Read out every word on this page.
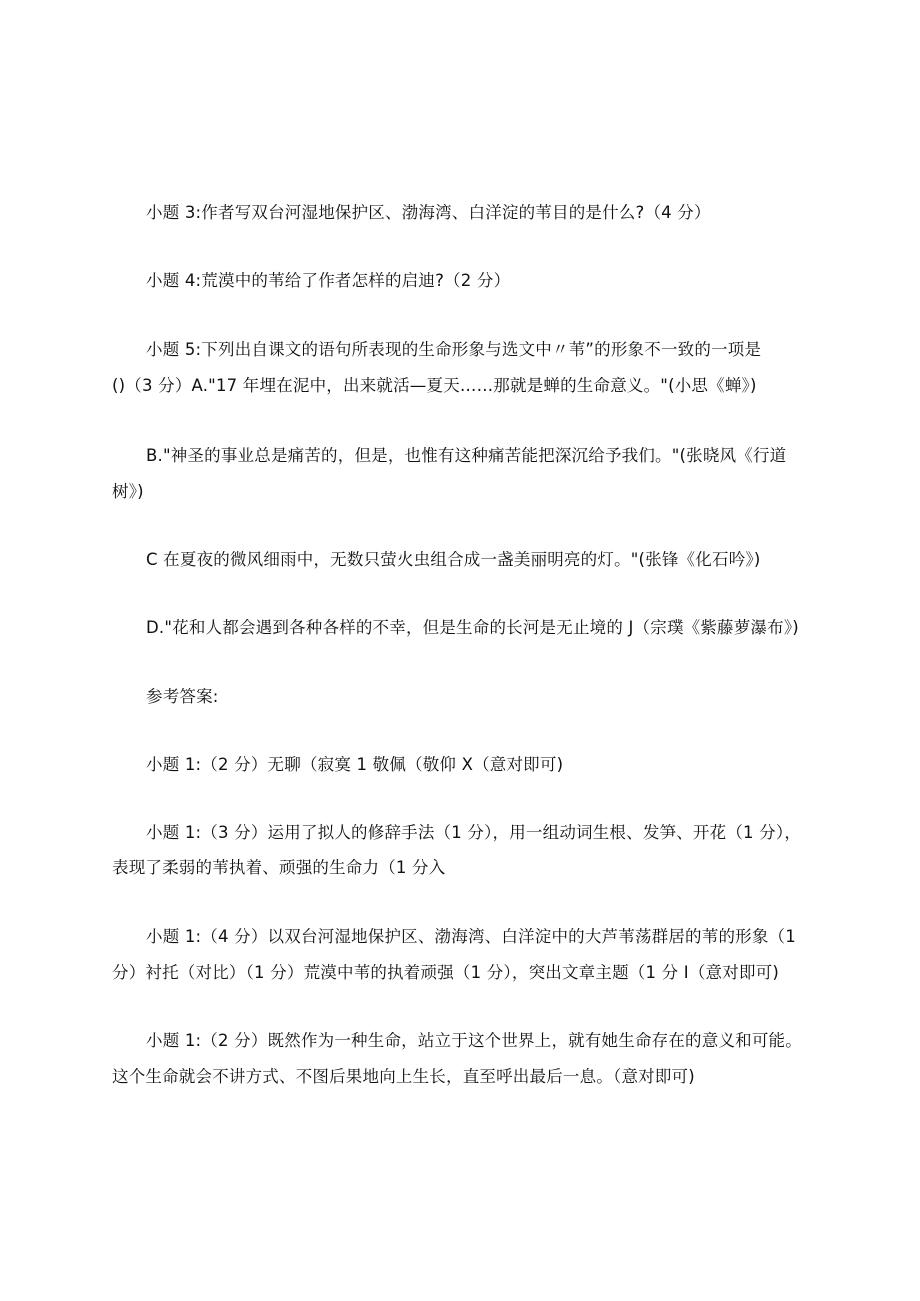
小题 3:作者写双台河湿地保护区、渤海湾、白洋淀的苇目的是什么?（4 分）

小题 4:荒漠中的苇给了作者怎样的启迪?（2 分）

小题 5:下列出自课文的语句所表现的生命形象与选文中〃苇”的形象不一致的一项是

()（3 分）A."17 年埋在泥中，出来就活—夏天……那就是蝉的生命意义。"(小思《蝉》)

B."神圣的事业总是痛苦的，但是，也惟有这种痛苦能把深沉给予我们。"(张晓风《行道

树》)

C 在夏夜的微风细雨中，无数只萤火虫组合成一盏美丽明亮的灯。"(张锋《化石吟》)

D."花和人都会遇到各种各样的不幸，但是生命的长河是无止境的 J（宗璞《紫藤萝瀑布》)

参考答案:

小题 1:（2 分）无聊（寂寞 1 敬佩（敬仰 X（意对即可)

小题 1:（3 分）运用了拟人的修辞手法（1 分），用一组动词生根、发笋、开花（1 分），

表现了柔弱的苇执着、顽强的生命力（1 分入

小题 1:（4 分）以双台河湿地保护区、渤海湾、白洋淀中的大芦苇荡群居的苇的形象（1

分）衬托（对比）（1 分）荒漠中苇的执着顽强（1 分），突出文章主题（1 分 I（意对即可)

小题 1:（2 分）既然作为一种生命，站立于这个世界上，就有她生命存在的意义和可能。

这个生命就会不讲方式、不图后果地向上生长，直至呼出最后一息。（意对即可)
